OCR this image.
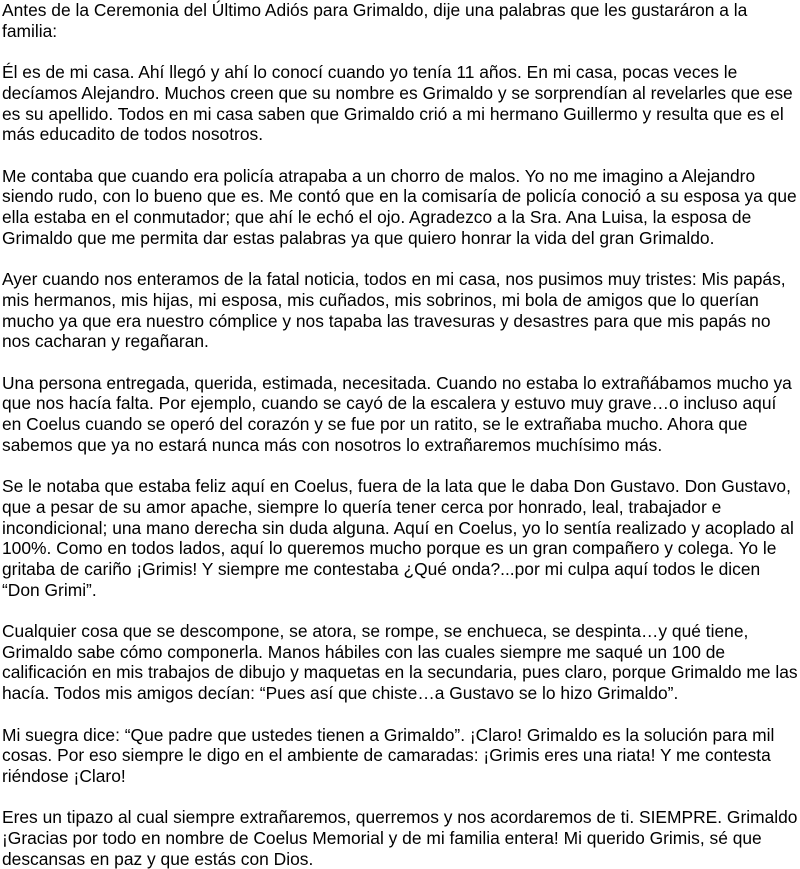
Antes de la Ceremonia del Último Adiós para Grimaldo, dije una palabras que les gustaráron a la familia:

Él es de mi casa. Ahí llegó y ahí lo conocí cuando yo tenía 11 años. En mi casa, pocas veces le decíamos Alejandro. Muchos creen que su nombre es Grimaldo y se sorprendían al revelarles que ese es su apellido. Todos en mi casa saben que Grimaldo crió a mi hermano Guillermo y resulta que es el más educadito de todos nosotros.

Me contaba que cuando era policía atrapaba a un chorro de malos. Yo no me imagino a Alejandro siendo rudo, con lo bueno que es. Me contó que en la comisaría de policía conoció a su esposa ya que ella estaba en el conmutador; que ahí le echó el ojo. Agradezco a la Sra. Ana Luisa, la esposa de Grimaldo que me permita dar estas palabras ya que quiero honrar la vida del gran Grimaldo.

Ayer cuando nos enteramos de la fatal noticia, todos en mi casa, nos pusimos muy tristes: Mis papás, mis hermanos, mis hijas, mi esposa, mis cuñados, mis sobrinos, mi bola de amigos que lo querían mucho ya que era nuestro cómplice y nos tapaba las travesuras y desastres para que mis papás no nos cacharan y regañaran.

Una persona entregada, querida, estimada, necesitada. Cuando no estaba lo extrañábamos mucho ya que nos hacía falta. Por ejemplo, cuando se cayó de la escalera y estuvo muy grave…o incluso aquí en Coelus cuando se operó del corazón y se fue por un ratito, se le extrañaba mucho. Ahora que sabemos que ya no estará nunca más con nosotros lo extrañaremos muchísimo más.

Se le notaba que estaba feliz aquí en Coelus, fuera de la lata que le daba Don Gustavo. Don Gustavo, que a pesar de su amor apache, siempre lo quería tener cerca por honrado, leal, trabajador e incondicional; una mano derecha sin duda alguna. Aquí en Coelus, yo lo sentía realizado y acoplado al 100%. Como en todos lados, aquí lo queremos mucho porque es un gran compañero y colega. Yo le gritaba de cariño ¡Grimis! Y siempre me contestaba ¿Qué onda?...por mi culpa aquí todos le dicen “Don Grimi”.

Cualquier cosa que se descompone, se atora, se rompe, se enchueca, se despinta…y qué tiene, Grimaldo sabe cómo componerla. Manos hábiles con las cuales siempre me saqué un 100 de calificación en mis trabajos de dibujo y maquetas en la secundaria, pues claro, porque Grimaldo me las hacía. Todos mis amigos decían: “Pues así que chiste…a Gustavo se lo hizo Grimaldo”.

Mi suegra dice: “Que padre que ustedes tienen a Grimaldo”. ¡Claro! Grimaldo es la solución para mil cosas. Por eso siempre le digo en el ambiente de camaradas: ¡Grimis eres una riata! Y me contesta riéndose ¡Claro!

Eres un tipazo al cual siempre extrañaremos, querremos y nos acordaremos de ti. SIEMPRE. Grimaldo ¡Gracias por todo en nombre de Coelus Memorial y de mi familia entera! Mi querido Grimis, sé que descansas en paz y que estás con Dios.
